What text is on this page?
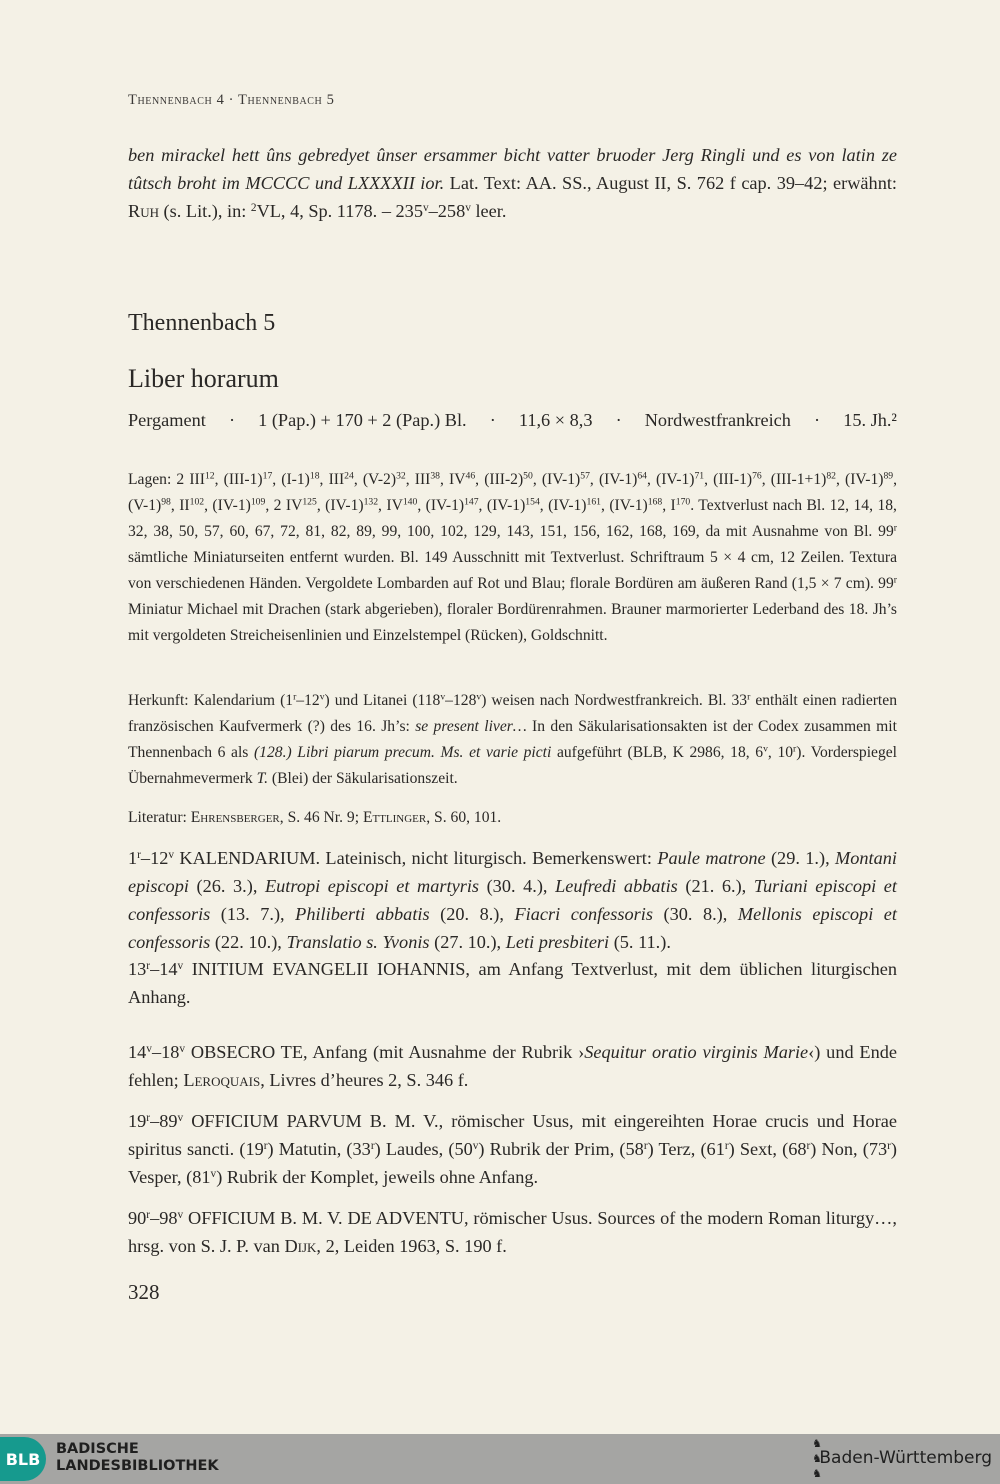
Thennenbach 4 · Thennenbach 5
ben mirackel hett ûns gebredyet ûnser ersammer bicht vatter bruoder Jerg Ringli und es von latin ze tûtsch broht im MCCCC und LXXXXII ior. Lat. Text: AA. SS., August II, S. 762 f cap. 39–42; erwähnt: Ruh (s. Lit.), in: $^2$VL, 4, Sp. 1178. – 235$^v$–258$^v$ leer.
Thennenbach 5
Liber horarum
Pergament · 1 (Pap.) + 170 + 2 (Pap.) Bl. · 11,6 × 8,3 · Nordwestfrankreich · 15. Jh.²
Lagen: 2 III$^{12}$, $(III-1)^{17}$, $(I-1)^{18}$, III$^{24}$, $(V-2)^{32}$, III$^{38}$, IV$^{46}$, $(III-2)^{50}$, $(IV-1)^{57}$, $(IV-1)^{64}$, $(IV-1)^{71}$, $(III-1)^{76}$, $(III-1+1)^{82}$, $(IV-1)^{89}$, $(V-1)^{98}$, II$^{102}$, $(IV-1)^{109}$, 2 IV$^{125}$, $(IV-1)^{132}$, IV$^{140}$, $(IV-1)^{147}$, $(IV-1)^{154}$, $(IV-1)^{161}$, $(IV-1)^{168}$, $I^{170}$. Textverlust nach Bl. 12, 14, 18, 32, 38, 50, 57, 60, 67, 72, 81, 82, 89, 99, 100, 102, 129, 143, 151, 156, 162, 168, 169, da mit Ausnahme von Bl. 99$^r$ sämtliche Miniaturseiten entfernt wurden. Bl. 149 Ausschnitt mit Textverlust. Schriftraum 5 × 4 cm, 12 Zeilen. Textura von verschiedenen Händen. Vergoldete Lombarden auf Rot und Blau; florale Bordüren am äußeren Rand (1,5 × 7 cm). 99$^r$ Miniatur Michael mit Drachen (stark abgerieben), floraler Bordürenrahmen. Brauner marmorierter Lederband des 18. Jh’s mit vergoldeten Streicheisenlinien und Einzelstempel (Rücken), Goldschnitt.
Herkunft: Kalendarium (1$^r$–12$^v$) und Litanei (118$^v$–128$^v$) weisen nach Nordwestfrankreich. Bl. 33$^r$ enthält einen radierten französischen Kaufvermerk (?) des 16. Jh’s: se present liver… In den Säkularisationsakten ist der Codex zusammen mit Thennenbach 6 als (128.) Libri piarum precum. Ms. et varie picti aufgeführt (BLB, K 2986, 18, 6$^v$, 10$^r$). Vorderspiegel Übernahmevermerk T. (Blei) der Säkularisationszeit.
Literatur: Ehrensberger, S. 46 Nr. 9; Ettlinger, S. 60, 101.
1$^r$–12$^v$ KALENDARIUM. Lateinisch, nicht liturgisch. Bemerkenswert: Paule matrone (29. 1.), Montani episcopi (26. 3.), Eutropi episcopi et martyris (30. 4.), Leufredi abbatis (21. 6.), Turiani episcopi et confessoris (13. 7.), Philiberti abbatis (20. 8.), Fiacri confessoris (30. 8.), Mellonis episcopi et confessoris (22. 10.), Translatio s. Yvonis (27. 10.), Leti presbiteri (5. 11.).
13$^r$–14$^v$ INITIUM EVANGELII IOHANNIS, am Anfang Textverlust, mit dem üblichen liturgischen Anhang.
14$^v$–18$^v$ OBSECRO TE, Anfang (mit Ausnahme der Rubrik ›Sequitur oratio virginis Marie‹) und Ende fehlen; Leroquais, Livres d’heures 2, S. 346 f.
19$^r$–89$^v$ OFFICIUM PARVUM B. M. V., römischer Usus, mit eingereihten Horae crucis und Horae spiritus sancti. (19$^r$) Matutin, (33$^r$) Laudes, (50$^v$) Rubrik der Prim, (58$^r$) Terz, (61$^r$) Sext, (68$^r$) Non, (73$^r$) Vesper, (81$^v$) Rubrik der Komplet, jeweils ohne Anfang.
90$^r$–98$^v$ OFFICIUM B. M. V. DE ADVENTU, römischer Usus. Sources of the modern Roman liturgy…, hrsg. von S. J. P. van Dijk, 2, Leiden 1963, S. 190 f.
328
BLB
BADISCHE
LANDESBIBLIOTHEK
♞
♞
♞
Baden-Württemberg
